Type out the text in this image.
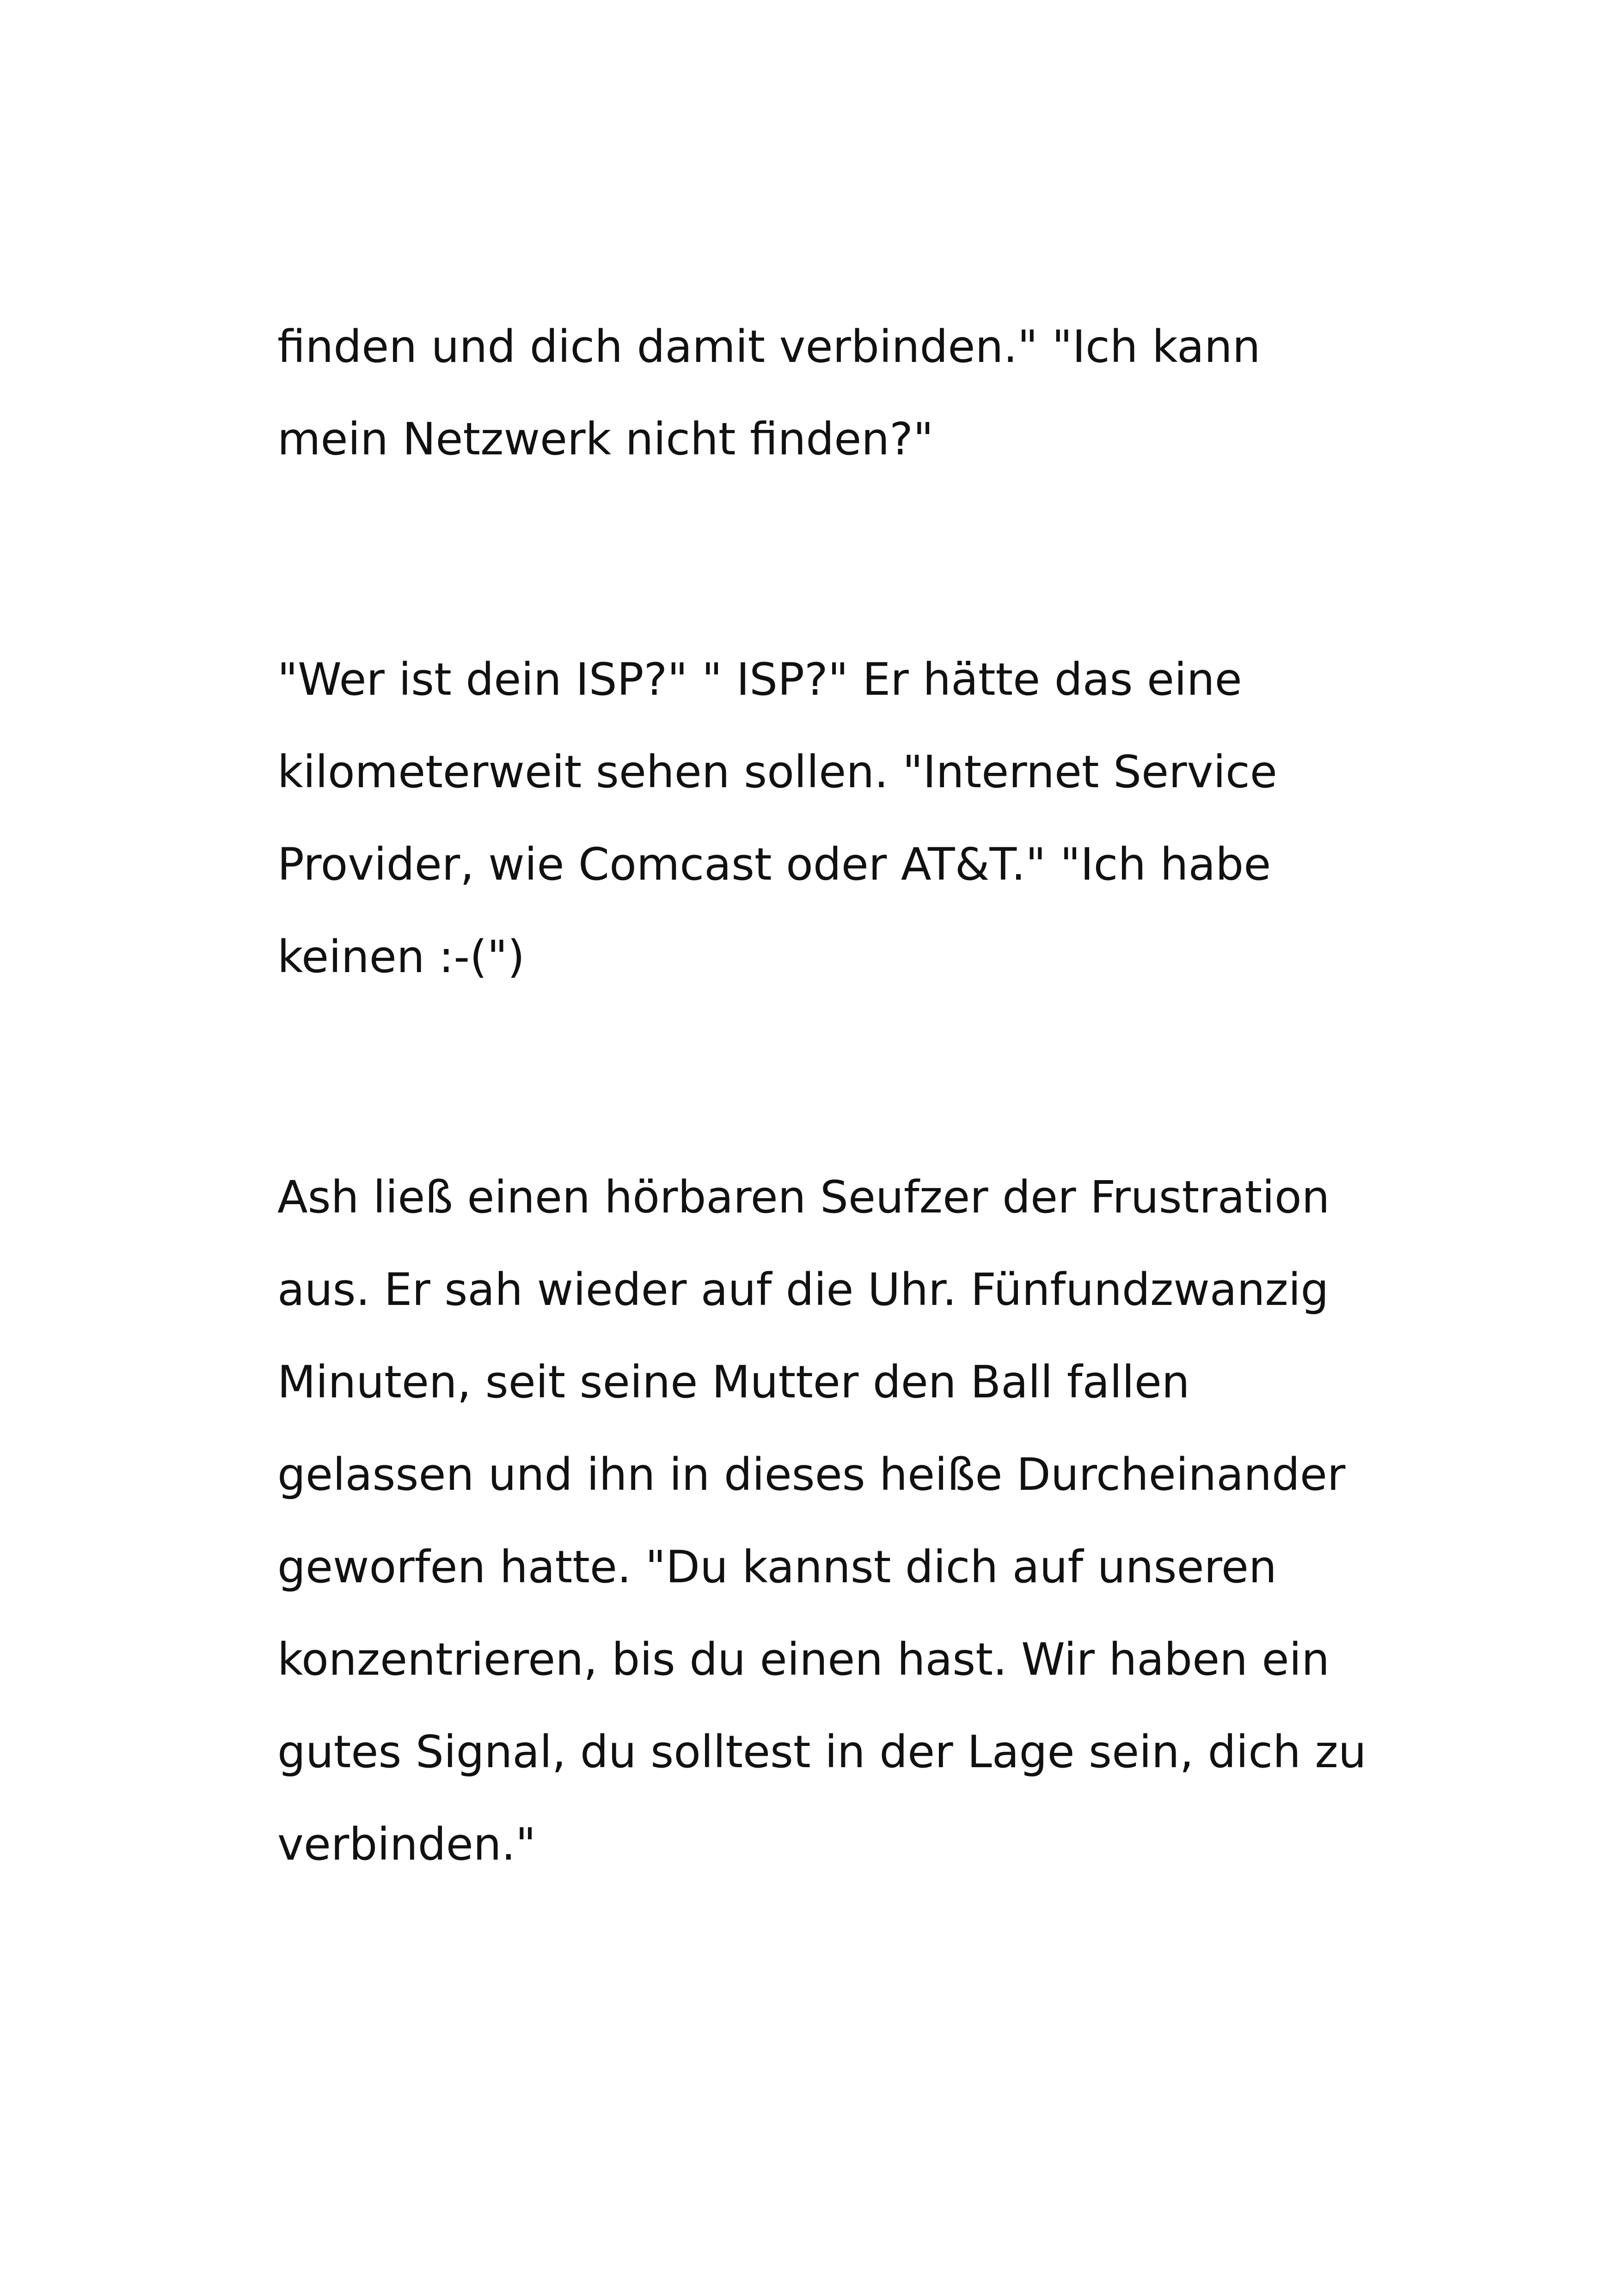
finden und dich damit verbinden." "Ich kann
mein Netzwerk nicht finden?"
"Wer ist dein ISP?" " ISP?" Er hätte das eine
kilometerweit sehen sollen. "Internet Service
Provider, wie Comcast oder AT&T." "Ich habe
keinen :-(")
Ash ließ einen hörbaren Seufzer der Frustration
aus. Er sah wieder auf die Uhr. Fünfundzwanzig
Minuten, seit seine Mutter den Ball fallen
gelassen und ihn in dieses heiße Durcheinander
geworfen hatte. "Du kannst dich auf unseren
konzentrieren, bis du einen hast. Wir haben ein
gutes Signal, du solltest in der Lage sein, dich zu
verbinden."
